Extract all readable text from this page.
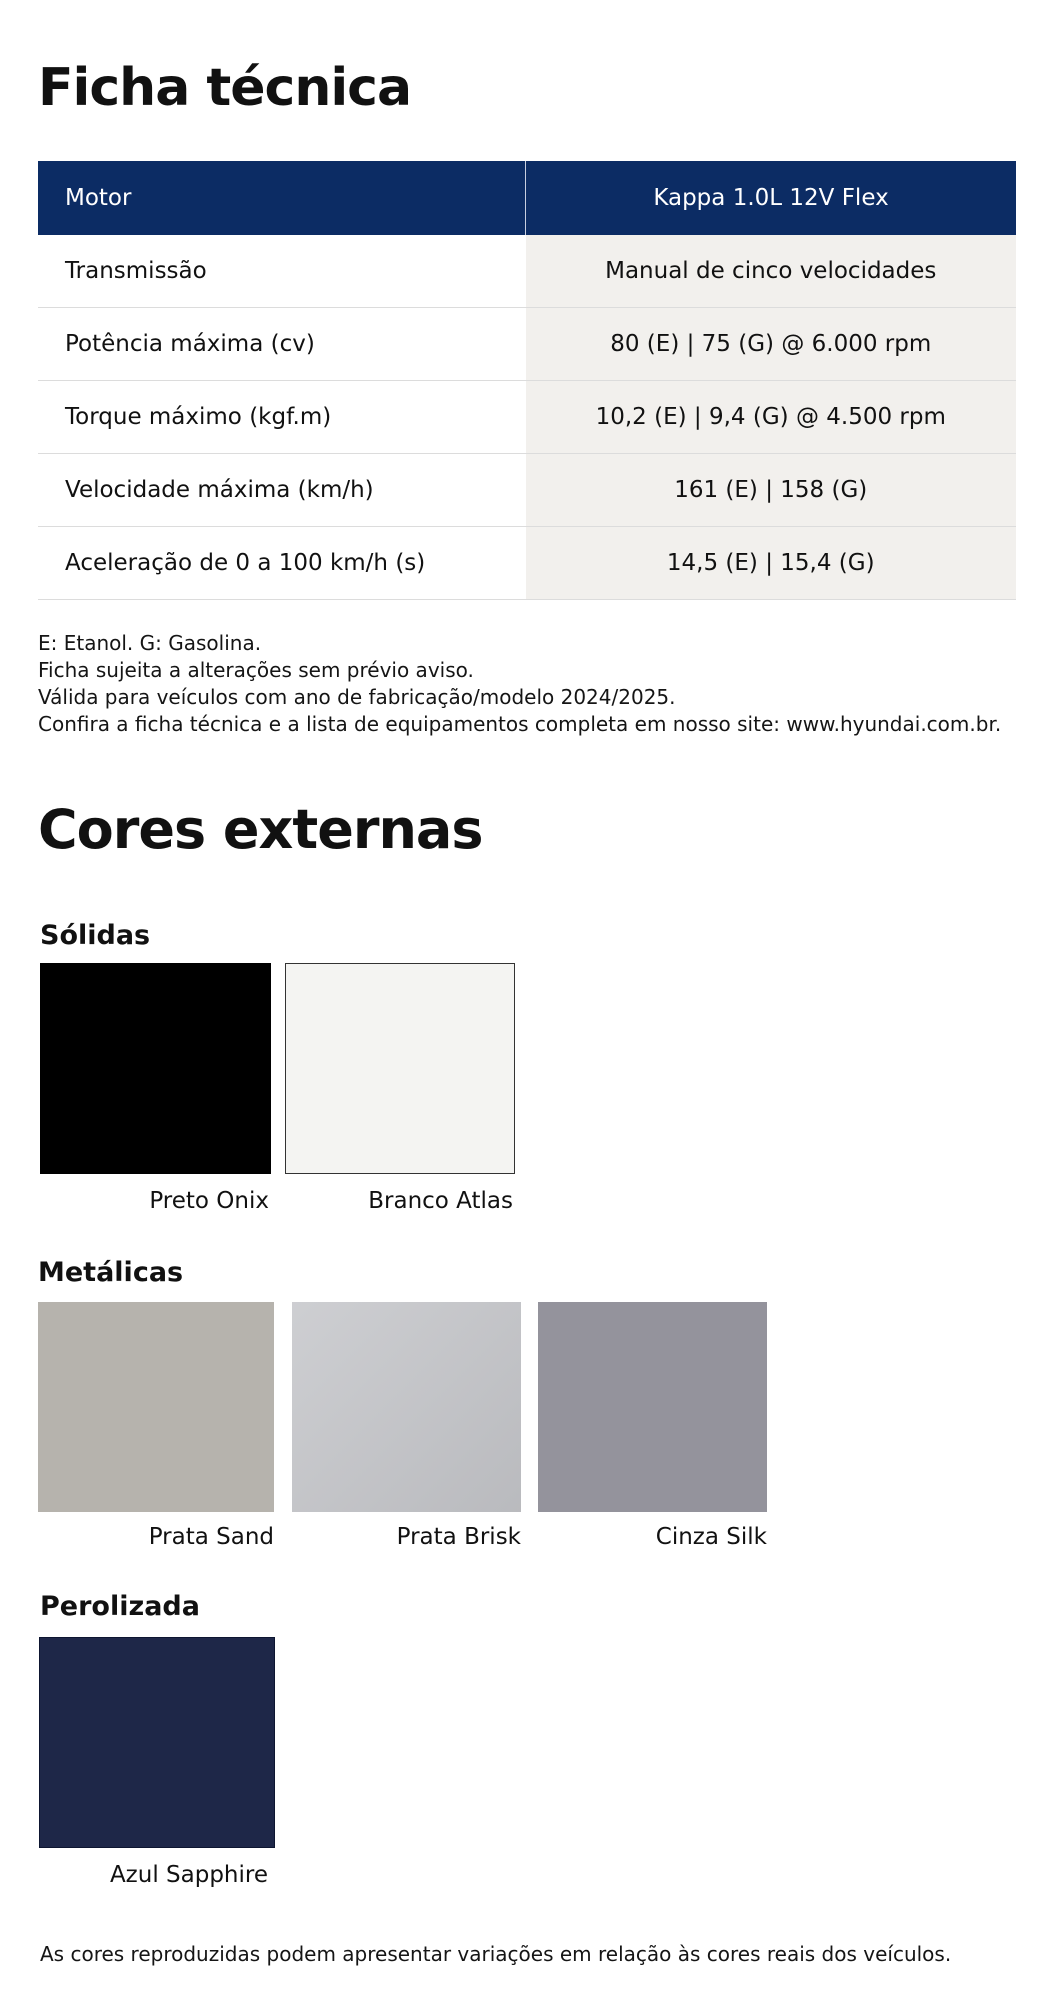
Ficha técnica
Motor	Kappa 1.0L 12V Flex
Transmissão	Manual de cinco velocidades
Potência máxima (cv)	80 (E) | 75 (G) @ 6.000 rpm
Torque máximo (kgf.m)	10,2 (E) | 9,4 (G) @ 4.500 rpm
Velocidade máxima (km/h)	161 (E) | 158 (G)
Aceleração de 0 a 100 km/h (s)	14,5 (E) | 15,4 (G)
E: Etanol. G: Gasolina.
Ficha sujeita a alterações sem prévio aviso.
Válida para veículos com ano de fabricação/modelo 2024/2025.
Confira a ficha técnica e a lista de equipamentos completa em nosso site: www.hyundai.com.br.
Cores externas
Sólidas
Preto Onix	Branco Atlas
Metálicas
Prata Sand	Prata Brisk	Cinza Silk
Perolizada
Azul Sapphire
As cores reproduzidas podem apresentar variações em relação às cores reais dos veículos.
